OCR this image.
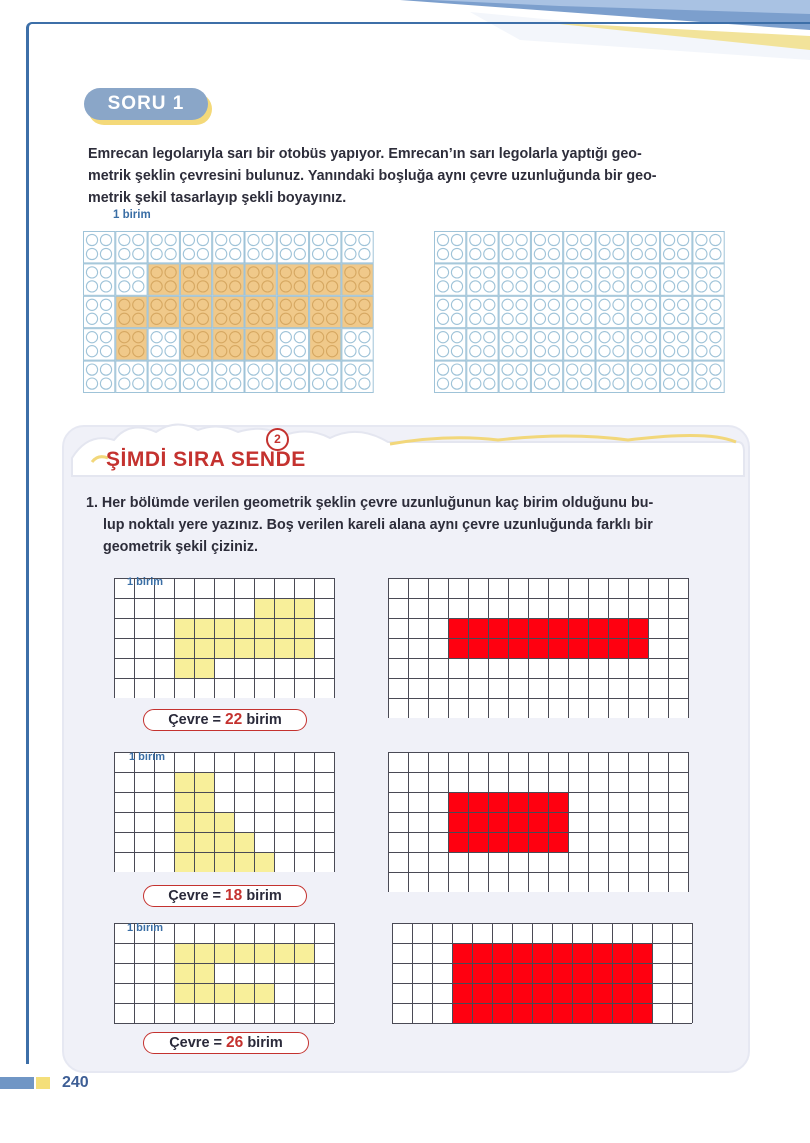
SORU 1
Emrecan legolarıyla sarı bir otobüs yapıyor. Emrecan’ın sarı legolarla yaptığı geo-
metrik şeklin çevresini bulunuz. Yanındaki boşluğa aynı çevre uzunluğunda bir geo-
metrik şekil tasarlayıp şekli boyayınız.
1 birim
2
ŞİMDİ SIRA SENDE
1. Her bölümde verilen geometrik şeklin çevre uzunluğunun kaç birim olduğunu bu-
lup noktalı yere yazınız. Boş verilen kareli alana aynı çevre uzunluğunda farklı bir
geometrik şekil çiziniz.
1 birim
Çevre = 22 birim
1 birim
Çevre = 18 birim
1 birim
Çevre = 26 birim
240
